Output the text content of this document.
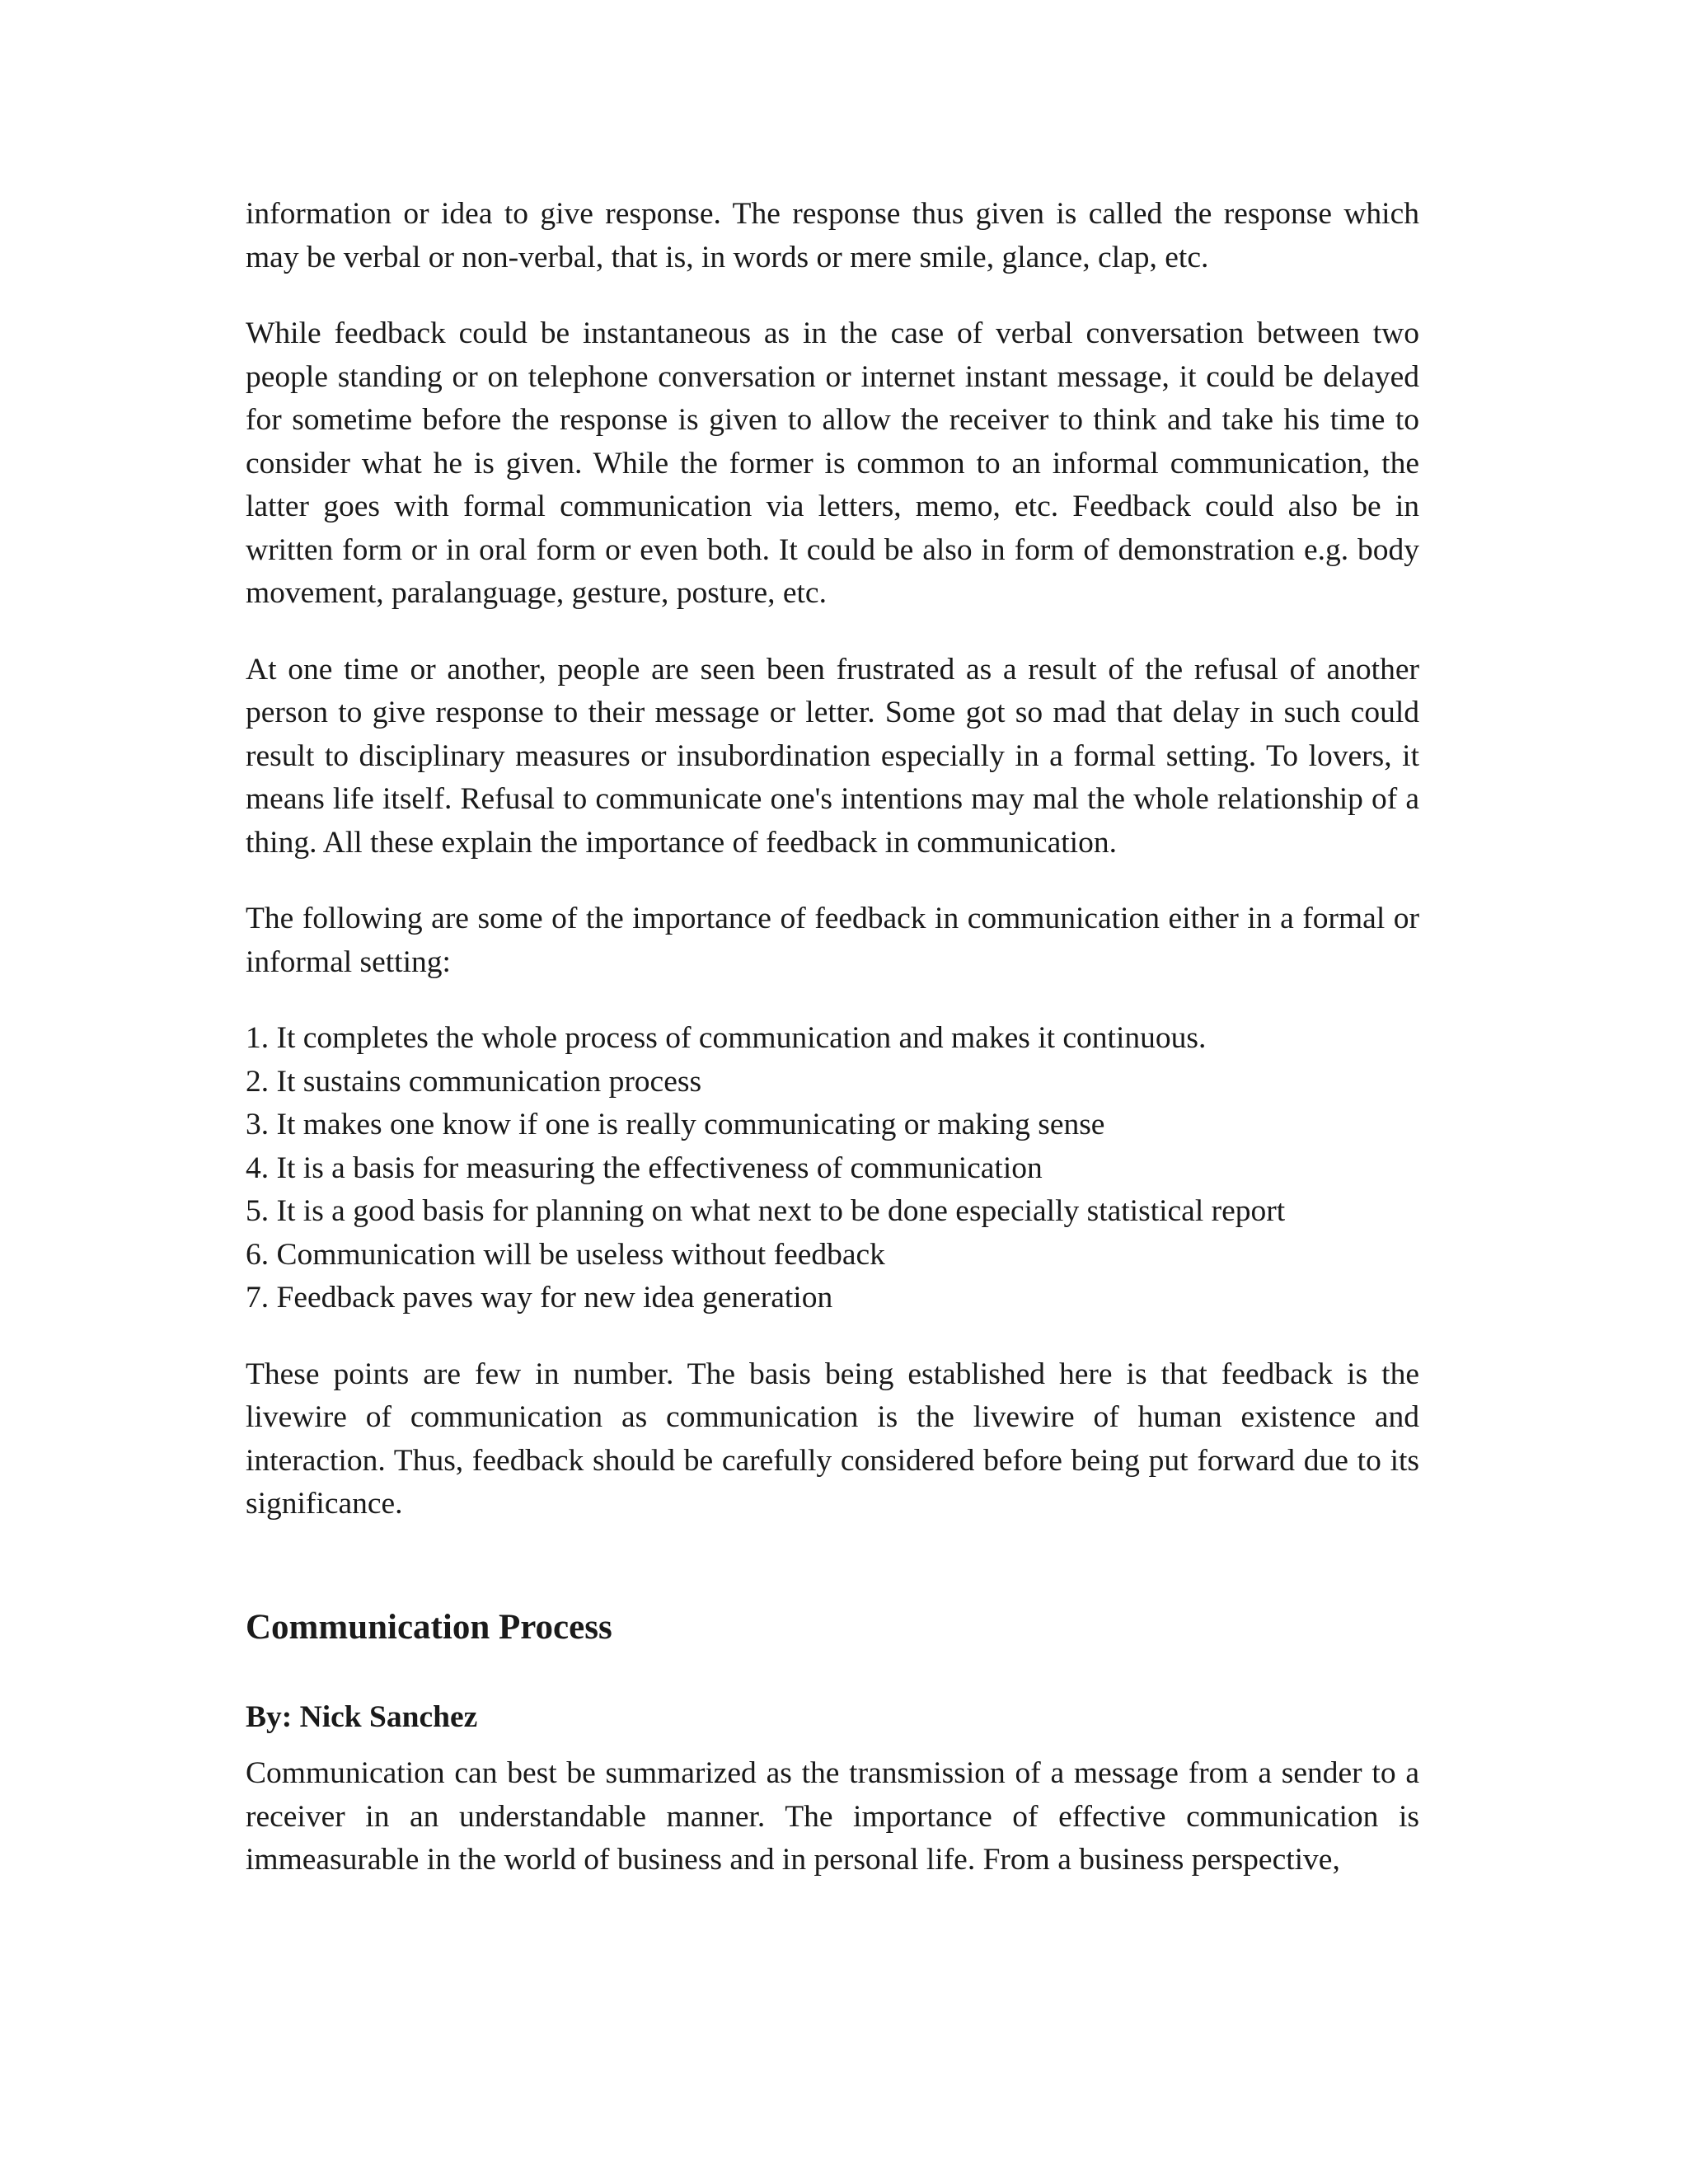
information or idea to give response. The response thus given is called the response which may be verbal or non-verbal, that is, in words or mere smile, glance, clap, etc.

While feedback could be instantaneous as in the case of verbal conversation between two people standing or on telephone conversation or internet instant message, it could be delayed for sometime before the response is given to allow the receiver to think and take his time to consider what he is given. While the former is common to an informal communication, the latter goes with formal communication via letters, memo, etc. Feedback could also be in written form or in oral form or even both. It could be also in form of demonstration e.g. body movement, paralanguage, gesture, posture, etc.

At one time or another, people are seen been frustrated as a result of the refusal of another person to give response to their message or letter. Some got so mad that delay in such could result to disciplinary measures or insubordination especially in a formal setting. To lovers, it means life itself. Refusal to communicate one's intentions may mal the whole relationship of a thing. All these explain the importance of feedback in communication.

The following are some of the importance of feedback in communication either in a formal or informal setting:

1. It completes the whole process of communication and makes it continuous.
2. It sustains communication process
3. It makes one know if one is really communicating or making sense
4. It is a basis for measuring the effectiveness of communication
5. It is a good basis for planning on what next to be done especially statistical report
6. Communication will be useless without feedback
7. Feedback paves way for new idea generation

These points are few in number. The basis being established here is that feedback is the livewire of communication as communication is the livewire of human existence and interaction. Thus, feedback should be carefully considered before being put forward due to its significance.

Communication Process

By: Nick Sanchez

Communication can best be summarized as the transmission of a message from a sender to a receiver in an understandable manner. The importance of effective communication is immeasurable in the world of business and in personal life. From a business perspective,
